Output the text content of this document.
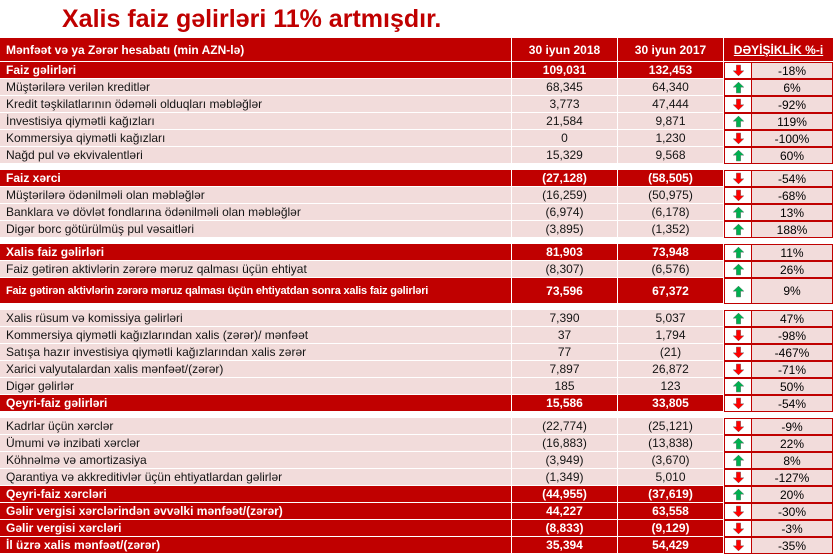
Xalis faiz gəlirləri 11% artmışdır.
Mənfəət və ya Zərər hesabatı (min AZN-lə)	30 iyun 2018	30 iyun 2017	DƏYİŞİKLİK %-i
Faiz gəlirləri	109,031	132,453	-18%
Müştərilərə verilən kreditlər	68,345	64,340	6%
Kredit təşkilatlarının ödəməli olduqları məbləğlər	3,773	47,444	-92%
İnvestisiya qiymətli kağızları	21,584	9,871	119%
Kommersiya qiymətli kağızları	0	1,230	-100%
Nağd pul və ekvivalentləri	15,329	9,568	60%
Faiz xərci	(27,128)	(58,505)	-54%
Müştərilərə ödənilməli olan məbləğlər	(16,259)	(50,975)	-68%
Banklara və dövlət fondlarına ödənilməli olan məbləğlər	(6,974)	(6,178)	13%
Digər borc götürülmüş pul vəsaitləri	(3,895)	(1,352)	188%
Xalis faiz gəlirləri	81,903	73,948	11%
Faiz gətirən aktivlərin zərərə məruz qalması üçün ehtiyat	(8,307)	(6,576)	26%
Faiz gətirən aktivlərin zərərə məruz qalması üçün ehtiyatdan sonra xalis faiz gəlirləri	73,596	67,372	9%
Xalis rüsum və komissiya gəlirləri	7,390	5,037	47%
Kommersiya qiymətli kağızlarından xalis (zərər)/ mənfəət	37	1,794	-98%
Satışa hazır investisiya qiymətli kağızlarından xalis zərər	77	(21)	-467%
Xarici valyutalardan xalis mənfəət/(zərər)	7,897	26,872	-71%
Digər gəlirlər	185	123	50%
Qeyri-faiz gəlirləri	15,586	33,805	-54%
Kadrlar üçün xərclər	(22,774)	(25,121)	-9%
Ümumi və inzibati xərclər	(16,883)	(13,838)	22%
Köhnəlmə və amortizasiya	(3,949)	(3,670)	8%
Qarantiya və akkreditivlər üçün ehtiyatlardan gəlirlər	(1,349)	5,010	-127%
Qeyri-faiz xərcləri	(44,955)	(37,619)	20%
Gəlir vergisi xərclərindən əvvəlki mənfəət/(zərər)	44,227	63,558	-30%
Gəlir vergisi xərcləri	(8,833)	(9,129)	-3%
İl üzrə xalis mənfəət/(zərər)	35,394	54,429	-35%
